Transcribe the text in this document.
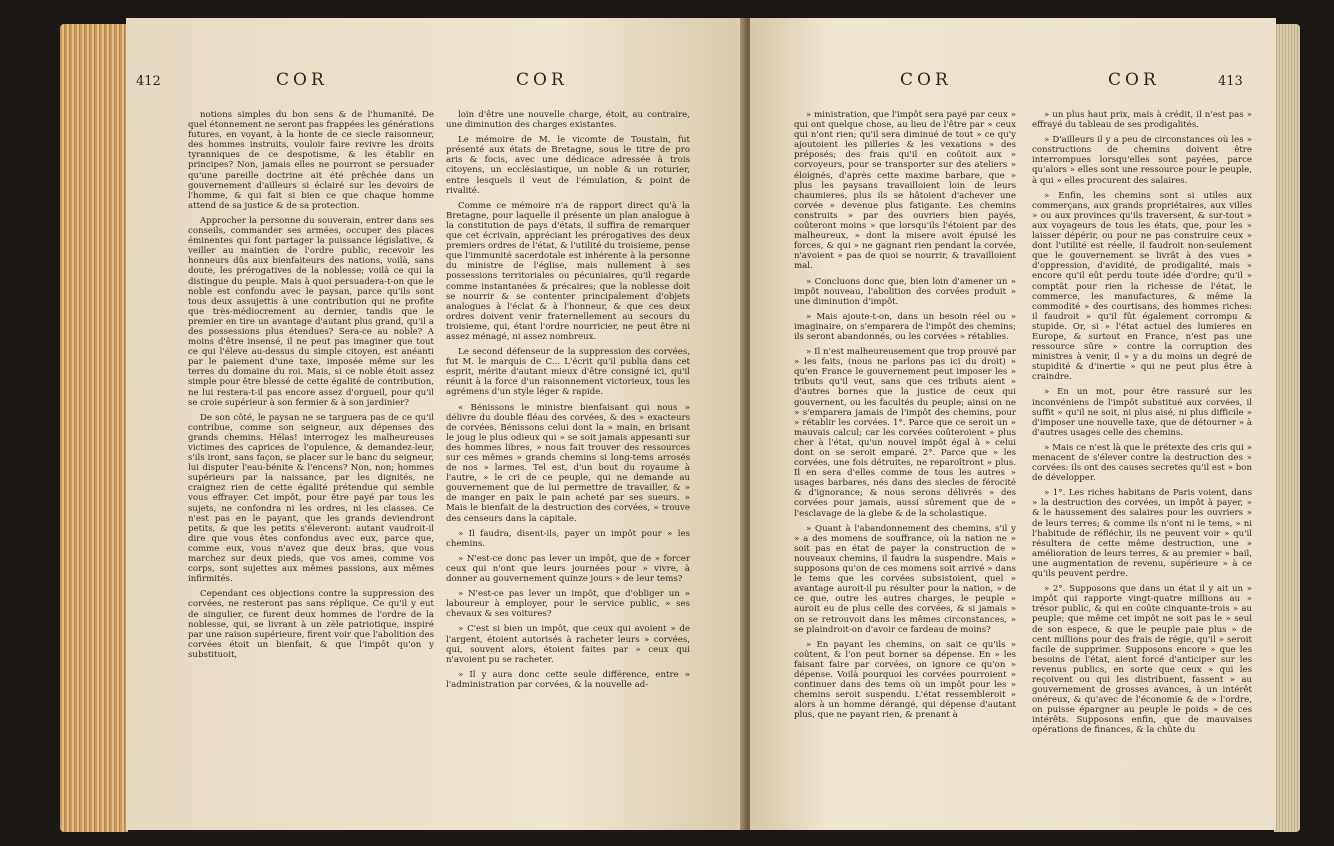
412	COR	COR

notions simples du bon sens & de l'humanité. De quel étonnement ne seront pas frappées les générations futures, en voyant, à la honte de ce siecle raisonneur, des hommes instruits, vouloir faire revivre les droits tyranniques de ce despotisme, & les établir en principes? Non, jamais elles ne pourront se persuader qu'une pareille doctrine ait été prêchée dans un gouvernement d'ailleurs si éclairé sur les devoirs de l'homme, & qui fait si bien ce que chaque homme attend de sa justice & de sa protection.

Approcher la personne du souverain, entrer dans ses conseils, commander ses armées, occuper des places éminentes qui font partager la puissance législative, & veiller au maintien de l'ordre public, recevoir les honneurs dûs aux bienfaiteurs des nations, voilà, sans doute, les prérogatives de la noblesse; voilà ce qui la distingue du peuple. Mais à quoi persuadera-t-on que le noble est confondu avec le paysan, parce qu'ils sont tous deux assujettis à une contribution qui ne profite que très-médiocrement au dernier, tandis que le premier en tire un avantage d'autant plus grand, qu'il a des possessions plus étendues? Sera-ce au noble? A moins d'être insensé, il ne peut pas imaginer que tout ce qui l'éleve au-dessus du simple citoyen, est anéanti par le paiement d'une taxe, imposée même sur les terres du domaine du roi. Mais, si ce noble étoit assez simple pour être blessé de cette égalité de contribution, ne lui restera-t-il pas encore assez d'orgueil, pour qu'il se croie supérieur à son fermier & à son jardinier?

De son côté, le paysan ne se targuera pas de ce qu'il contribue, comme son seigneur, aux dépenses des grands chemins. Hélas! interrogez les malheureuses victimes des caprices de l'opulence, & demandez-leur, s'ils iront, sans façon, se placer sur le banc du seigneur, lui disputer l'eau-bénite & l'encens? Non, non; hommes supérieurs par la naissance, par les dignités, ne craignez rien de cette égalité prétendue qui semble vous effrayer. Cet impôt, pour être payé par tous les sujets, ne confondra ni les ordres, ni les classes. Ce n'est pas en le payant, que les grands deviendront petits, & que les petits s'éleveront: autant vaudroit-il dire que vous êtes confondus avec eux, parce que, comme eux, vous n'avez que deux bras, que vous marchez sur deux pieds, que vos ames, comme vos corps, sont sujettes aux mêmes passions, aux mêmes infirmités.

Cependant ces objections contre la suppression des corvées, ne resteront pas sans réplique. Ce qu'il y eut de singulier, ce furent deux hommes de l'ordre de la noblesse, qui, se livrant à un zèle patriotique, inspiré par une raison supérieure, firent voir que l'abolition des corvées étoit un bienfait, & que l'impôt qu'on y substituoit,

loin d'être une nouvelle charge, étoit, au contraire, une diminution des charges existantes.

Le mémoire de M. le vicomte de Toustain, fut présenté aux états de Bretagne, sous le titre de pro aris & focis, avec une dédicace adressée à trois citoyens, un ecclésiastique, un noble & un roturier, entre lesquels il veut de l'émulation, & point de rivalité.

Comme ce mémoire n'a de rapport direct qu'à la Bretagne, pour laquelle il présente un plan analogue à la constitution de pays d'états, il suffira de remarquer que cet écrivain, appréciant les prérogatives des deux premiers ordres de l'état, & l'utilité du troisieme, pense que l'immunité sacerdotale est inhérente à la personne du ministre de l'église, mais nullement à ses possessions territoriales ou pécuniaires, qu'il regarde comme instantanées & précaires; que la noblesse doit se nourrir & se contenter principalement d'objets analogues à l'éclat & à l'honneur, & que ces deux ordres doivent venir fraternellement au secours du troisieme, qui, étant l'ordre nourricier, ne peut être ni assez ménagé, ni assez nombreux.

Le second défenseur de la suppression des corvées, fut M. le marquis de C... L'écrit qu'il publia dans cet esprit, mérite d'autant mieux d'être consigné ici, qu'il réunit à la force d'un raisonnement victorieux, tous les agrémens d'un style léger & rapide.

« Bénissons le ministre bienfaisant qui nous » délivre du double fléau des corvées, & des » exacteurs de corvées. Bénissons celui dont la » main, en brisant le joug le plus odieux qui » se soit jamais appesanti sur des hommes libres, » nous fait trouver des ressources sur ces mêmes » grands chemins si long-tems arrosés de nos » larmes. Tel est, d'un bout du royaume à l'autre, » le cri de ce peuple, qui ne demande au gouvernement que de lui permettre de travailler, & » de manger en paix le pain acheté par ses sueurs. » Mais le bienfait de la destruction des corvées, » trouve des censeurs dans la capitale.

» Il faudra, disent-ils, payer un impôt pour » les chemins.

» N'est-ce donc pas lever un impôt, que de » forcer ceux qui n'ont que leurs journées pour » vivre, à donner au gouvernement quinze jours » de leur tems?

» N'est-ce pas lever un impôt, que d'obliger un » laboureur à employer, pour le service public, » ses chevaux & ses voitures?

» C'est si bien un impôt, que ceux qui avoient » de l'argent, étoient autorisés à racheter leurs » corvées, qui, souvent alors, étoient faites par » ceux qui n'avoient pu se racheter.

» Il y aura donc cette seule différence, entre » l'administration par corvées, & la nouvelle ad-

COR	COR	413

» ministration, que l'impôt sera payé par ceux » qui ont quelque chose, au lieu de l'être par » ceux qui n'ont rien; qu'il sera diminué de tout » ce qu'y ajoutoient les pilleries & les vexations » des préposés; des frais qu'il en coûtoit aux » corvoyeurs, pour se transporter sur des ateliers » éloignés, d'après cette maxime barbare, que » plus les paysans travailloient loin de leurs chaumieres, plus ils se hâtoient d'achever une corvée » devenue plus fatigante. Les chemins construits » par des ouvriers bien payés, coûteront moins » que lorsqu'ils l'étoient par des malheureux, » dont la misere avoit épuisé les forces, & qui » ne gagnant rien pendant la corvée, n'avoient » pas de quoi se nourrir, & travailloient mal.

» Concluons donc que, bien loin d'amener un » impôt nouveau, l'abolition des corvées produit » une diminution d'impôt.

» Mais ajoute-t-on, dans un besoin réel ou » imaginaire, on s'emparera de l'impôt des chemins; ils seront abandonnés, ou les corvées » rétablies.

» Il n'est malheureusement que trop prouvé par » les faits, (nous ne parlons pas ici du droit) » qu'en France le gouvernement peut imposer les » tributs qu'il veut, sans que ces tributs aient » d'autres bornes que la justice de ceux qui gouvernent, ou les facultés du peuple; ainsi on ne » s'emparera jamais de l'impôt des chemins, pour » rétablir les corvées. 1°. Parce que ce seroit un » mauvais calcul; car les corvées coûteroient » plus cher à l'état, qu'un nouvel impôt égal à » celui dont on se seroit emparé. 2°. Parce que » les corvées, une fois détruites, ne reparoîtront » plus. Il en sera d'elles comme de tous les autres » usages barbares, nés dans des siecles de férocité & d'ignorance; & nous serons délivrés » des corvées pour jamais, aussi sûrement que de » l'esclavage de la glebe & de la scholastique.

» Quant à l'abandonnement des chemins, s'il y » a des momens de souffrance, où la nation ne » soit pas en état de payer la construction de » nouveaux chemins, il faudra la suspendre. Mais » supposons qu'on de ces momens soit arrivé » dans le tems que les corvées subsistoient, quel » avantage auroit-il pu résulter pour la nation, » de ce que, outre les autres charges, le peuple » auroit eu de plus celle des corvées, & si jamais » on se retrouvoit dans les mêmes circonstances, » se plaindroit-on d'avoir ce fardeau de moins?

» En payant les chemins, on sait ce qu'ils » coûtent, & l'on peut borner sa dépense. En » les faisant faire par corvées, on ignore ce qu'on » dépense. Voilà pourquoi les corvées pourroient » continuer dans des tems où un impôt pour les » chemins seroit suspendu. L'état ressembleroit » alors à un homme dérangé, qui dépense d'autant plus, que ne payant rien, & prenant à

» un plus haut prix, mais à crédit, il n'est pas » effrayé du tableau de ses prodigalités.

» D'ailleurs il y a peu de circonstances où les » constructions de chemins doivent être interrompues lorsqu'elles sont payées, parce qu'alors » elles sont une ressource pour le peuple, à qui » elles procurent des salaires.

» Enfin, les chemins sont si utiles aux commerçans, aux grands propriétaires, aux villes » ou aux provinces qu'ils traversent, & sur-tout » aux voyageurs de tous les états, que, pour les » laisser dépérir, ou pour ne pas construire ceux » dont l'utilité est réelle, il faudroit non-seulement que le gouvernement se livrât à des vues » d'oppression, d'avidité, de prodigalité, mais » encore qu'il eût perdu toute idée d'ordre; qu'il » comptât pour rien la richesse de l'état, le commerce, les manufactures, & même la commodité » des courtisans, des hommes riches: il faudroit » qu'il fût également corrompu & stupide. Or, si » l'état actuel des lumieres en Europe, & surtout en France, n'est pas une ressource sûre » contre la corruption des ministres à venir, il » y a du moins un degré de stupidité & d'inertie » qui ne peut plus être à craindre.

» En un mot, pour être rassuré sur les inconvéniens de l'impôt substitué aux corvées, il suffit » qu'il ne soit, ni plus aisé, ni plus difficile » d'imposer une nouvelle taxe, que de détourner » à d'autres usages celle des chemins.

» Mais ce n'est là que le prétexte des cris qui » menacent de s'élever contre la destruction des » corvées: ils ont des causes secretes qu'il est » bon de développer.

» 1°. Les riches habitans de Paris voient, dans » la destruction des corvées, un impôt à payer, » & le haussement des salaires pour les ouvriers » de leurs terres; & comme ils n'ont ni le tems, » ni l'habitude de réfléchir, ils ne peuvent voir » qu'il résultera de cette même destruction, une » amélioration de leurs terres, & au premier » bail, une augmentation de revenu, supérieure » à ce qu'ils peuvent perdre.

» 2°. Supposons que dans un état il y ait un » impôt qui rapporte vingt-quatre millions au » trésor public, & qui en coûte cinquante-trois » au peuple; que même cet impôt ne soit pas le » seul de son espece, & que le peuple paie plus » de cent millions pour des frais de régie, qu'il » seroit facile de supprimer. Supposons encore » que les besoins de l'état, aient forcé d'anticiper sur les revenus publics, en sorte que ceux » qui les reçoivent ou qui les distribuent, fassent » au gouvernement de grosses avances, à un intérêt onéreux, & qu'avec de l'économie & de » l'ordre, on puisse épargner au peuple le poids » de ces intérêts. Supposons enfin, que de mauvaises opérations de finances, & la chûte du
